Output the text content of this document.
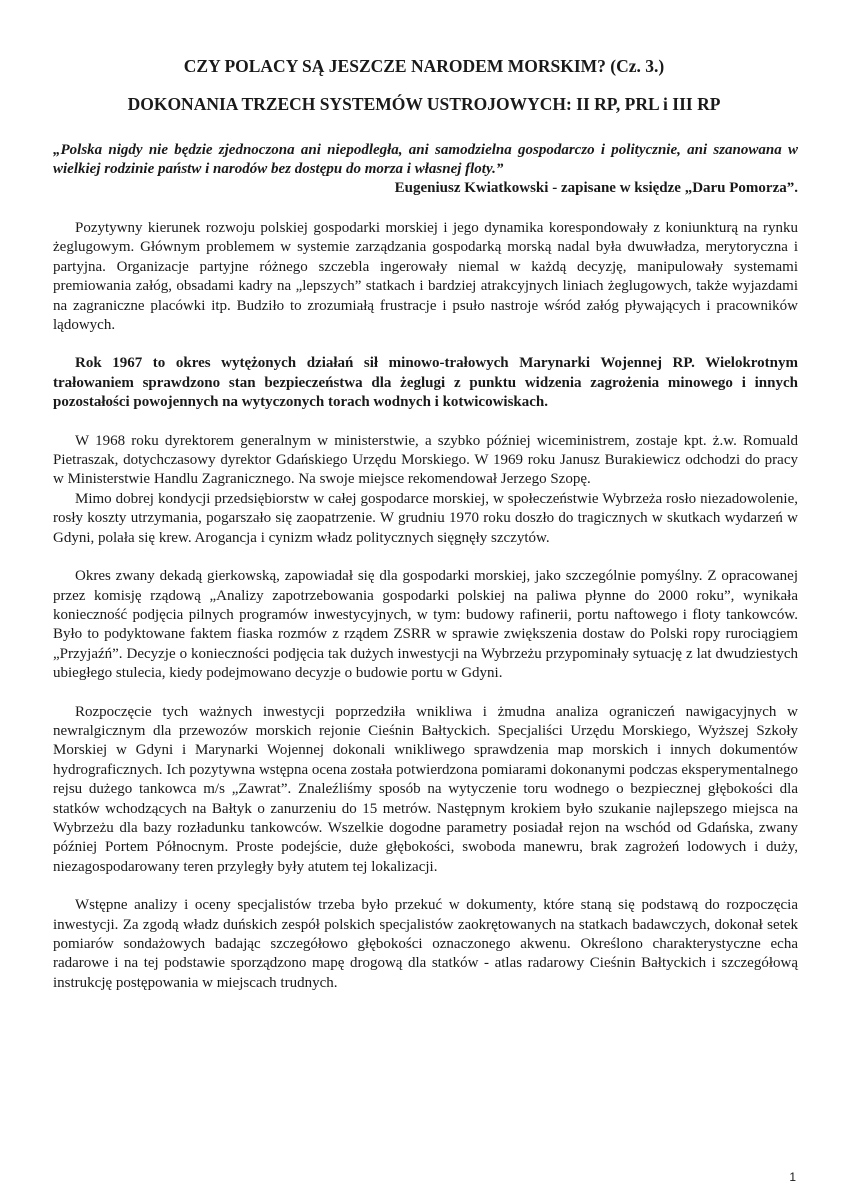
CZY POLACY SĄ JESZCZE NARODEM MORSKIM? (Cz. 3.)
DOKONANIA TRZECH SYSTEMÓW USTROJOWYCH: II RP, PRL i III RP
„Polska nigdy nie będzie zjednoczona ani niepodległa, ani samodzielna gospodarczo i politycznie, ani szanowana w wielkiej rodzinie państw i narodów bez dostępu do morza i własnej floty.”
Eugeniusz Kwiatkowski - zapisane w księdze „Daru Pomorza”.

Pozytywny kierunek rozwoju polskiej gospodarki morskiej i jego dynamika korespondowały z koniunkturą na rynku żeglugowym. Głównym problemem w systemie zarządzania gospodarką morską nadal była dwuwładza, merytoryczna i partyjna. Organizacje partyjne różnego szczebla ingerowały niemal w każdą decyzję, manipulowały systemami premiowania załóg, obsadami kadry na „lepszych” statkach i bardziej atrakcyjnych liniach żeglugowych, także wyjazdami na zagraniczne placówki itp. Budziło to zrozumiałą frustracje i psuło nastroje wśród załóg pływających i pracowników lądowych.

Rok 1967 to okres wytężonych działań sił minowo-trałowych Marynarki Wojennej RP. Wielokrotnym trałowaniem sprawdzono stan bezpieczeństwa dla żeglugi z punktu widzenia zagrożenia minowego i innych pozostałości powojennych na wytyczonych torach wodnych i kotwicowiskach.

W 1968 roku dyrektorem generalnym w ministerstwie, a szybko później wiceministrem, zostaje kpt. ż.w. Romuald Pietraszak, dotychczasowy dyrektor Gdańskiego Urzędu Morskiego. W 1969 roku Janusz Burakiewicz odchodzi do pracy w Ministerstwie Handlu Zagranicznego. Na swoje miejsce rekomendował Jerzego Szopę.

Mimo dobrej kondycji przedsiębiorstw w całej gospodarce morskiej, w społeczeństwie Wybrzeża rosło niezadowolenie, rosły koszty utrzymania, pogarszało się zaopatrzenie. W grudniu 1970 roku doszło do tragicznych w skutkach wydarzeń w Gdyni, polała się krew. Arogancja i cynizm władz politycznych sięgnęły szczytów.

Okres zwany dekadą gierkowską, zapowiadał się dla gospodarki morskiej, jako szczególnie pomyślny. Z opracowanej przez komisję rządową „Analizy zapotrzebowania gospodarki polskiej na paliwa płynne do 2000 roku”, wynikała konieczność podjęcia pilnych programów inwestycyjnych, w tym: budowy rafinerii, portu naftowego i floty tankowców. Było to podyktowane faktem fiaska rozmów z rządem ZSRR w sprawie zwiększenia dostaw do Polski ropy rurociągiem „Przyjaźń”. Decyzje o konieczności podjęcia tak dużych inwestycji na Wybrzeżu przypominały sytuację z lat dwudziestych ubiegłego stulecia, kiedy podejmowano decyzje o budowie portu w Gdyni.

Rozpoczęcie tych ważnych inwestycji poprzedziła wnikliwa i żmudna analiza ograniczeń nawigacyjnych w newralgicznym dla przewozów morskich rejonie Cieśnin Bałtyckich. Specjaliści Urzędu Morskiego, Wyższej Szkoły Morskiej w Gdyni i Marynarki Wojennej dokonali wnikliwego sprawdzenia map morskich i innych dokumentów hydrograficznych. Ich pozytywna wstępna ocena została potwierdzona pomiarami dokonanymi podczas eksperymentalnego rejsu dużego tankowca m/s „Zawrat”. Znaleźliśmy sposób na wytyczenie toru wodnego o bezpiecznej głębokości dla statków wchodzących na Bałtyk o zanurzeniu do 15 metrów. Następnym krokiem było szukanie najlepszego miejsca na Wybrzeżu dla bazy rozładunku tankowców. Wszelkie dogodne parametry posiadał rejon na wschód od Gdańska, zwany później Portem Północnym. Proste podejście, duże głębokości, swoboda manewru, brak zagrożeń lodowych i duży, niezagospodarowany teren przyległy były atutem tej lokalizacji.

Wstępne analizy i oceny specjalistów trzeba było przekuć w dokumenty, które staną się podstawą do rozpoczęcia inwestycji. Za zgodą władz duńskich zespół polskich specjalistów zaokrętowanych na statkach badawczych, dokonał setek pomiarów sondażowych badając szczegółowo głębokości oznaczonego akwenu. Określono charakterystyczne echa radarowe i na tej podstawie sporządzono mapę drogową dla statków - atlas radarowy Cieśnin Bałtyckich i szczegółową instrukcję postępowania w miejscach trudnych.

1
